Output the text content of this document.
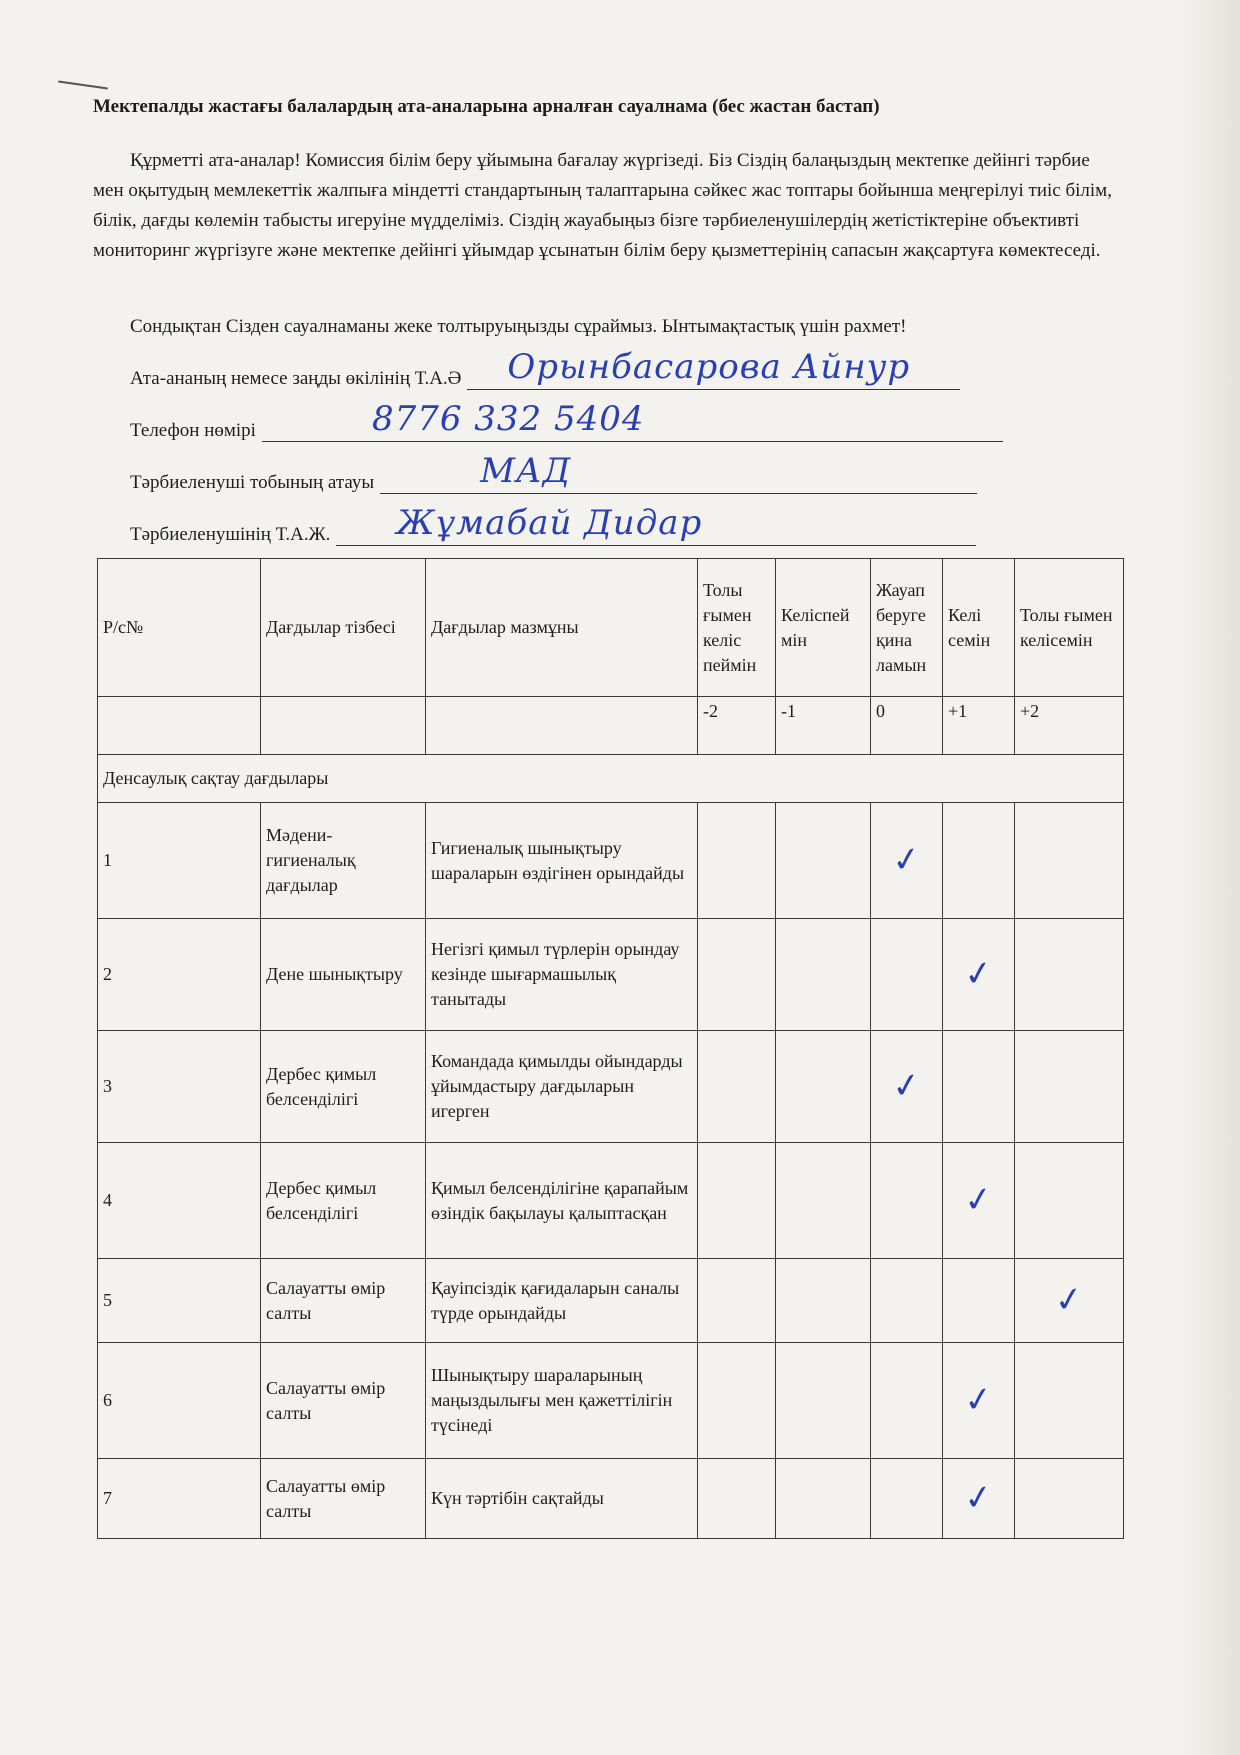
Мектепалды жастағы балалардың ата-аналарына арналған сауалнама (бес жастан бастап)

Құрметті ата-аналар! Комиссия білім беру ұйымына бағалау жүргізеді. Біз Сіздің балаңыздың мектепке дейінгі тәрбие мен оқытудың мемлекеттік жалпыға міндетті стандартының талаптарына сәйкес жас топтары бойынша меңгерілуі тиіс білім, білік, дағды көлемін табысты игеруіне мүдделіміз. Сіздің жауабыңыз бізге тәрбиеленушілердің жетістіктеріне объективті мониторинг жүргізуге және мектепке дейінгі ұйымдар ұсынатын білім беру қызметтерінің сапасын жақсартуға көмектеседі.

Сондықтан Сізден сауалнаманы жеке толтыруыңызды сұраймыз. Ынтымақтастық үшін рахмет!
Ата-ананың немесе заңды өкілінің Т.А.Ә Орынбасарова Айнур
Телефон нөмірі	8776 332 5404
Тәрбиеленуші тобының атауы	МАД
Тәрбиеленушінің Т.А.Ж. Жұмабай Дидар
Р/с№	Дағдылар тізбесі	Дағдылар мазмұны	Толы ғымен келіс пеймін	Келіспей мін	Жауап беруге қина ламын	Келі семін	Толы ғымен келісемін
			-2	-1	0	+1	+2
Денсаулық сақтау дағдылары							
1	Мәдени-гигиеналық дағдылар	Гигиеналық шынықтыру шараларын өздігінен орындайды			✓		

2	Дене шынықтыру	Негізгі қимыл түрлерін орындау кезінде шығармашылық танытады				✓	

3	Дербес қимыл белсенділігі	Командада қимылды ойындарды ұйымдастыру дағдыларын игерген			✓		

4	Дербес қимыл белсенділігі	Қимыл белсенділігіне қарапайым өзіндік бақылауы қалыптасқан				✓	

5	Салауатты өмір салты	Қауіпсіздік қағидаларын саналы түрде орындайды					✓

6	Салауатты өмір салты	Шынықтыру шараларының маңыздылығы мен қажеттілігін түсінеді				✓	

7	Салауатты өмір салты	Күн тәртібін сақтайды				✓	
